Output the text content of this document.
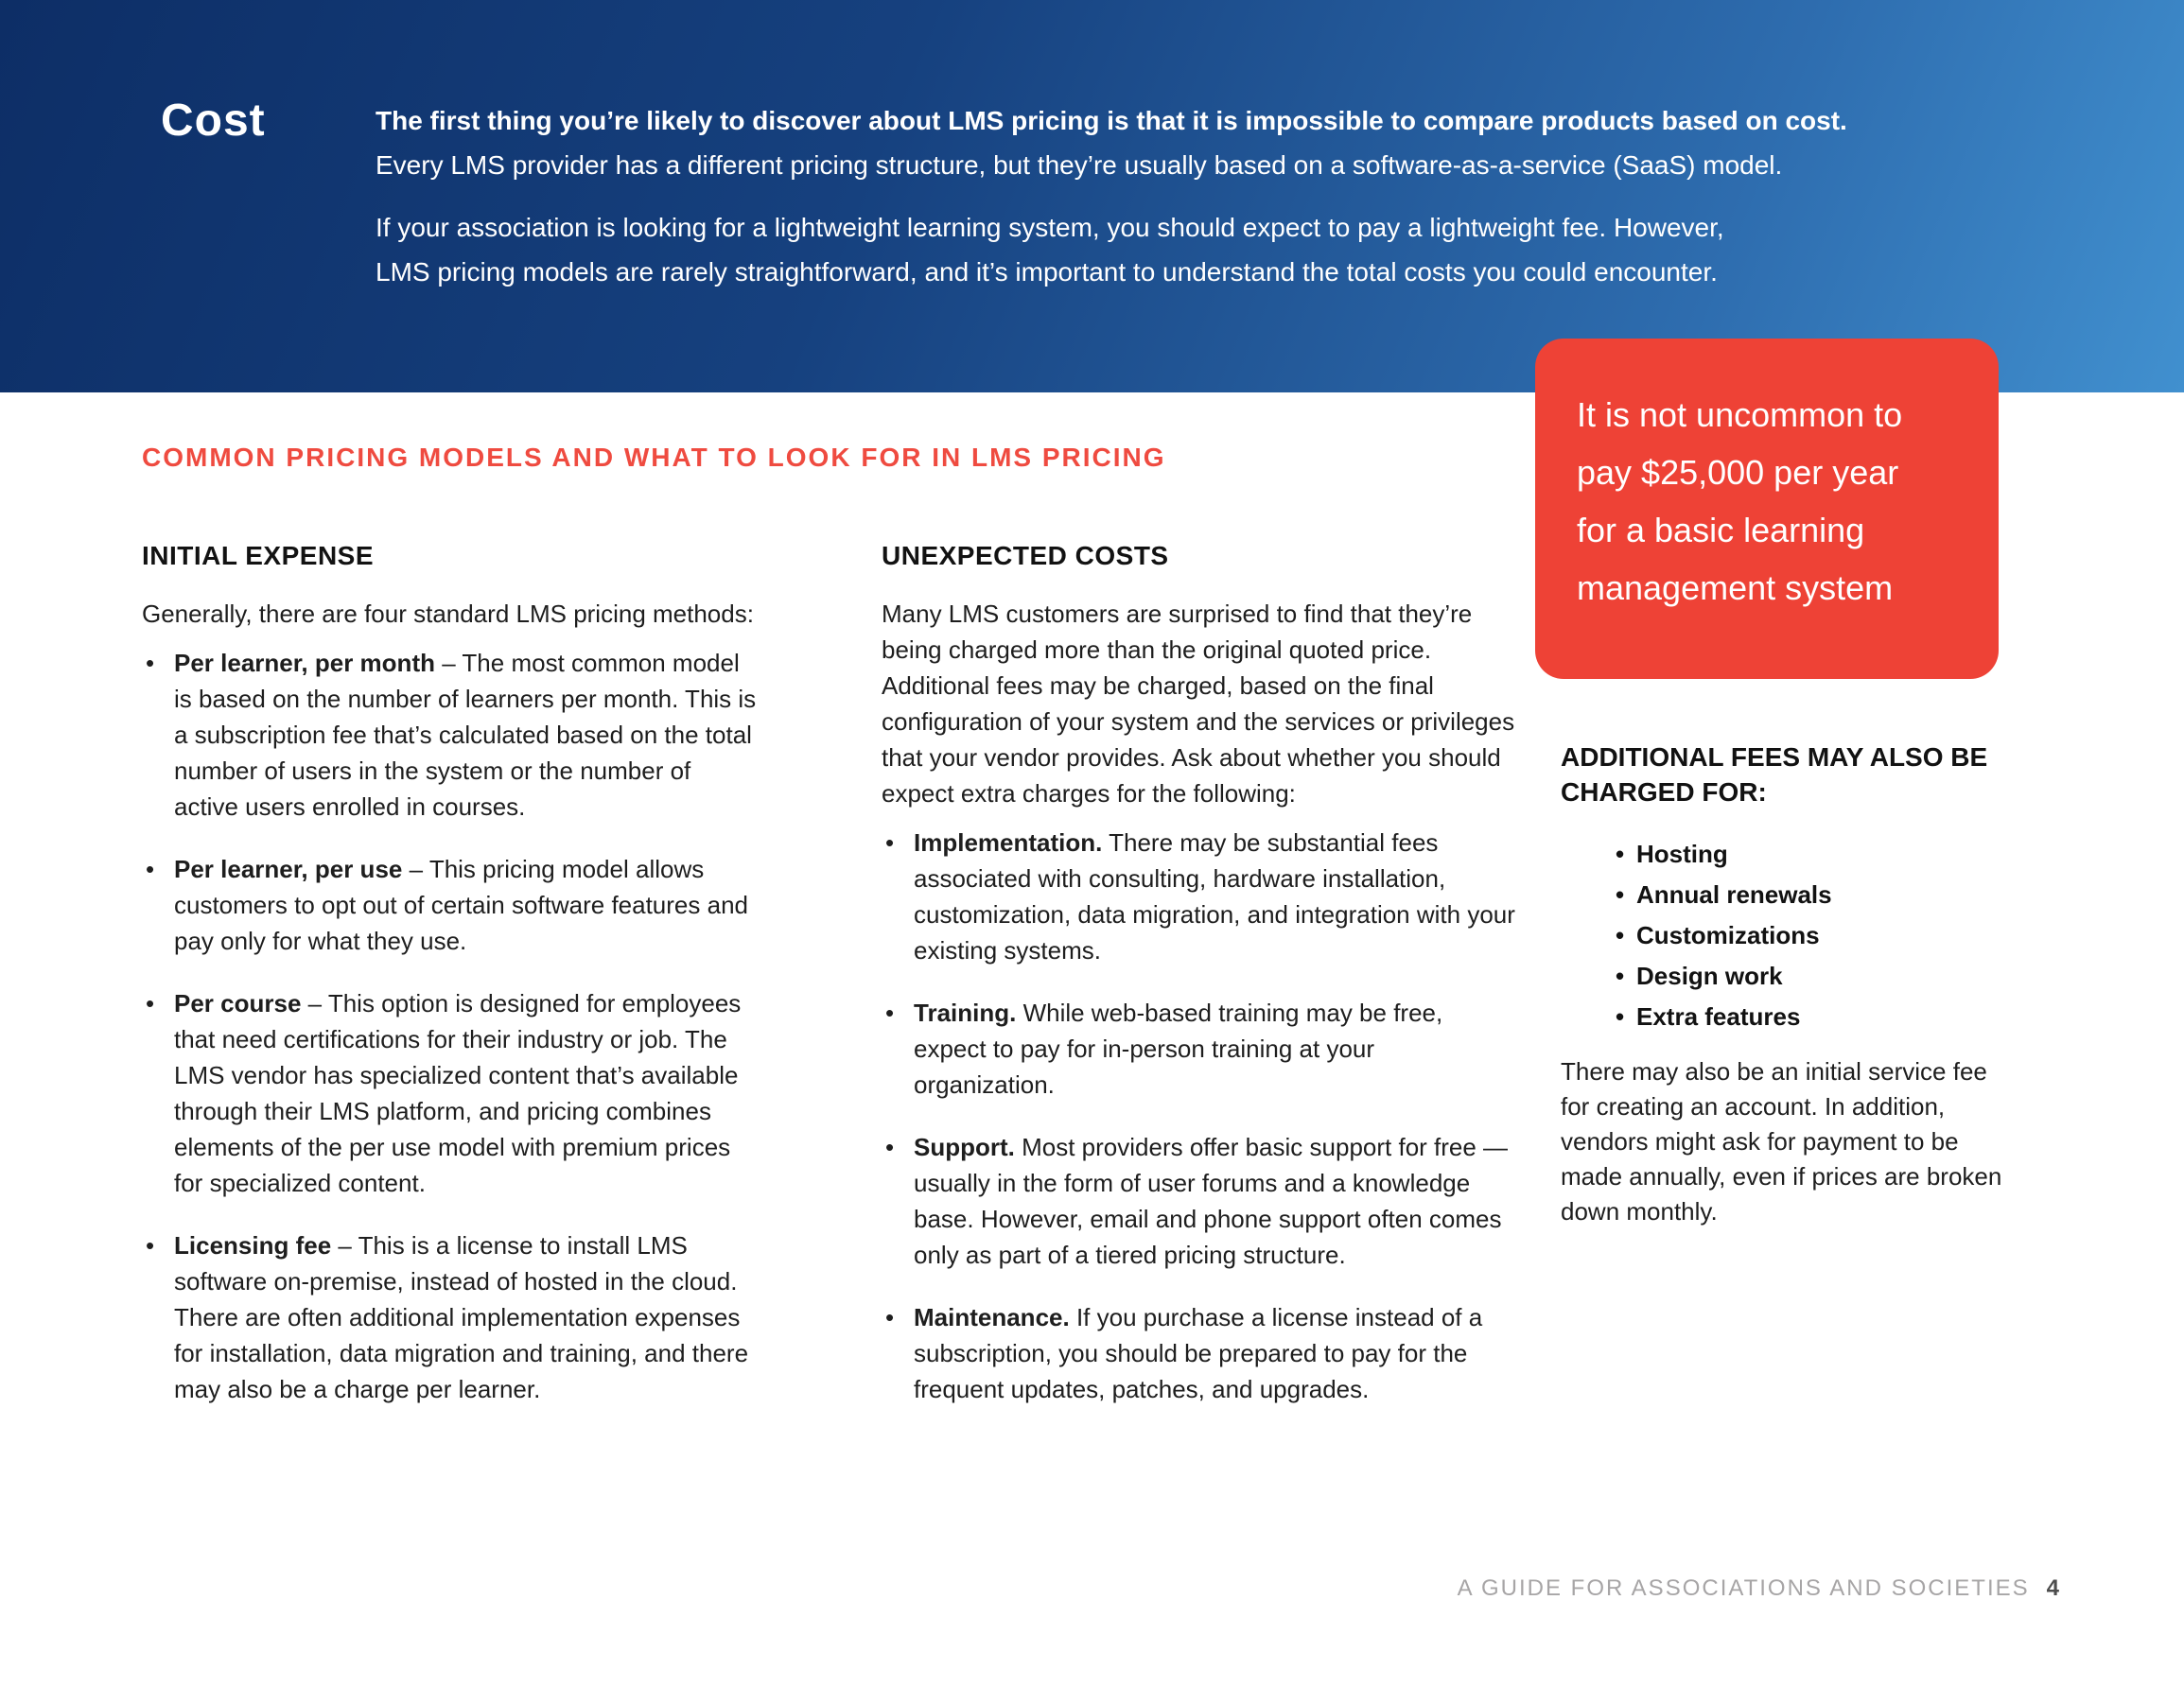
Cost	The first thing you’re likely to discover about LMS pricing is that it is impossible to compare products based on cost.
Every LMS provider has a different pricing structure, but they’re usually based on a software-as-a-service (SaaS) model.
If your association is looking for a lightweight learning system, you should expect to pay a lightweight fee. However,
LMS pricing models are rarely straightforward, and it’s important to understand the total costs you could encounter.
It is not uncommon to
pay $25,000 per year
for a basic learning
management system
COMMON PRICING MODELS AND WHAT TO LOOK FOR IN LMS PRICING
INITIAL EXPENSE

Generally, there are four standard LMS pricing methods:

• Per learner, per month – The most common model is based on the number of learners per month. This is a subscription fee that’s calculated based on the total number of users in the system or the number of active users enrolled in courses.
• Per learner, per use – This pricing model allows customers to opt out of certain software features and pay only for what they use.
• Per course – This option is designed for employees that need certifications for their industry or job. The LMS vendor has specialized content that’s available through their LMS platform, and pricing combines elements of the per use model with premium prices for specialized content.
• Licensing fee – This is a license to install LMS software on-premise, instead of hosted in the cloud. There are often additional implementation expenses for installation, data migration and training, and there may also be a charge per learner.
UNEXPECTED COSTS

Many LMS customers are surprised to find that they’re being charged more than the original quoted price. Additional fees may be charged, based on the final configuration of your system and the services or privileges that your vendor provides. Ask about whether you should expect extra charges for the following:

• Implementation. There may be substantial fees associated with consulting, hardware installation, customization, data migration, and integration with your existing systems.
• Training. While web-based training may be free, expect to pay for in-person training at your organization.
• Support. Most providers offer basic support for free — usually in the form of user forums and a knowledge base. However, email and phone support often comes only as part of a tiered pricing structure.
• Maintenance. If you purchase a license instead of a subscription, you should be prepared to pay for the frequent updates, patches, and upgrades.
ADDITIONAL FEES MAY ALSO BE CHARGED FOR:
• Hosting
• Annual renewals
• Customizations
• Design work
• Extra features

There may also be an initial service fee for creating an account. In addition, vendors might ask for payment to be made annually, even if prices are broken down monthly.

A GUIDE FOR ASSOCIATIONS AND SOCIETIES 4
